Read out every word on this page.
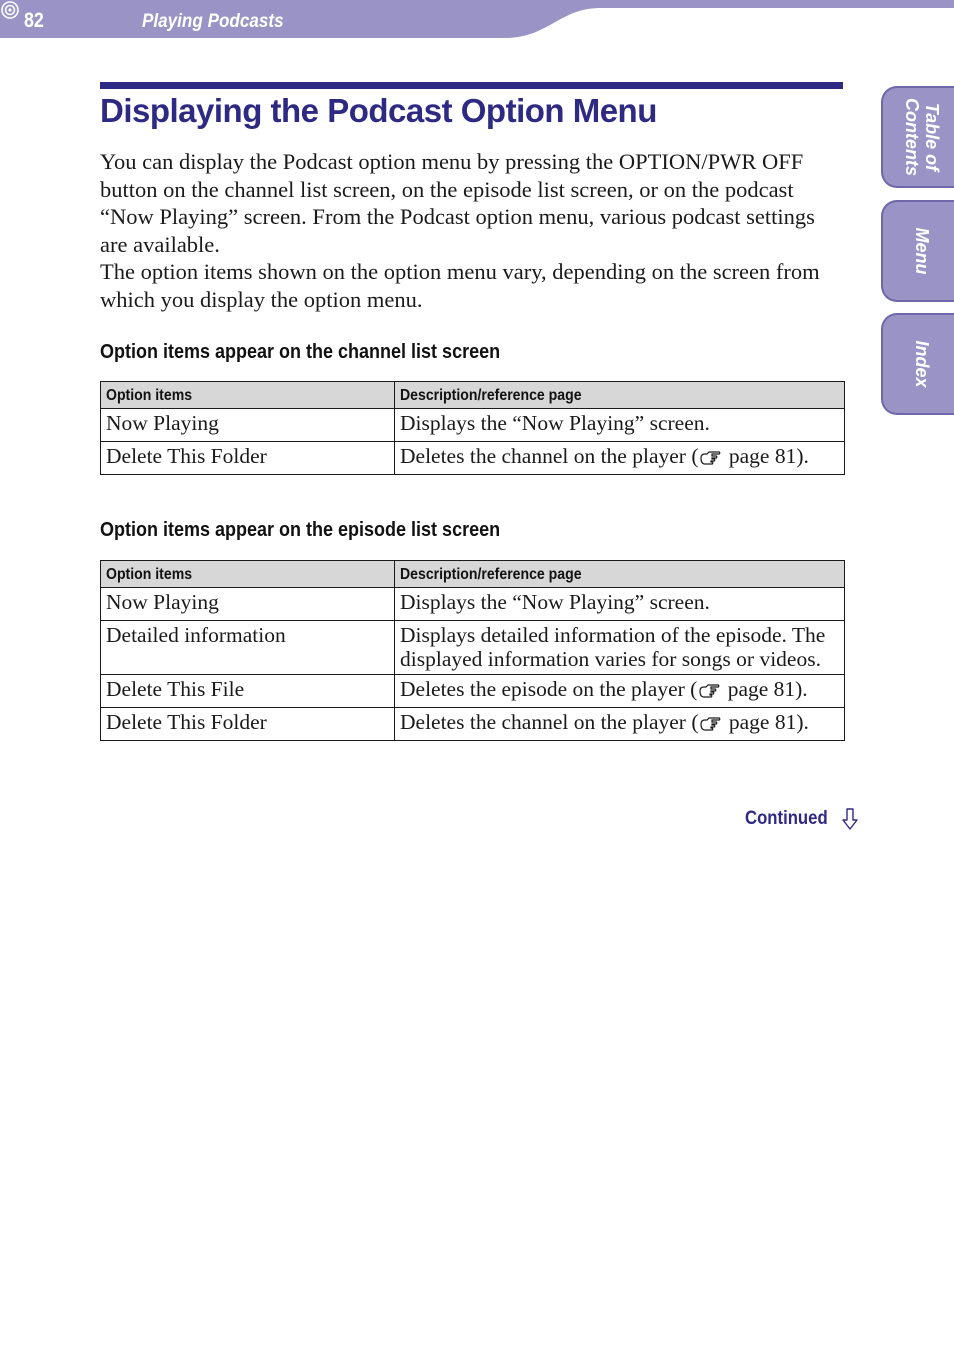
82	Playing Podcasts
Table of Contents
Menu
Index
Displaying the Podcast Option Menu

You can display the Podcast option menu by pressing the OPTION/PWR OFF button on the channel list screen, on the episode list screen, or on the podcast “Now Playing” screen. From the Podcast option menu, various podcast settings are available.

The option items shown on the option menu vary, depending on the screen from which you display the option menu.

Option items appear on the channel list screen
Option items	Description/reference page
Now Playing	Displays the “Now Playing” screen.
Delete This Folder	Deletes the channel on the player ( page 81).
Option items appear on the episode list screen
Option items	Description/reference page
Now Playing	Displays the “Now Playing” screen.
Detailed information	Displays detailed information of the episode. The displayed information varies for songs or videos.
Delete This File	Deletes the episode on the player ( page 81).
Delete This Folder	Deletes the channel on the player ( page 81).
Continued
